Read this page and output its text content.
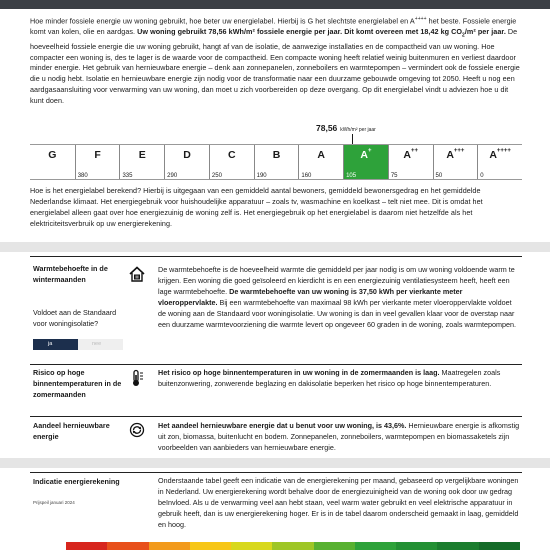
Hoe minder fossiele energie uw woning gebruikt, hoe beter uw energielabel. Hierbij is G het slechtste energielabel en A++++ het beste. Fossiele energie komt van kolen, olie en aardgas. Uw woning gebruikt 78,56 kWh/m² fossiele energie per jaar. Dit komt overeen met 18,42 kg $CO_2/m^2$ per jaar. De hoeveelheid fossiele energie die uw woning gebruikt, hangt af van de isolatie, de aanwezige installaties en de compactheid van uw woning. Hoe compacter een woning is, des te lager is de waarde voor de compactheid. Een compacte woning heeft relatief weinig buitenmuren en verliest daardoor minder energie. Het gebruik van hernieuwbare energie – denk aan zonnepanelen, zonneboilers en warmtepompen – vermindert ook de fossiele energie die u nodig hebt. Isolatie en hernieuwbare energie zijn nodig voor de transformatie naar een duurzame gebouwde omgeving tot 2050. Heeft u nog een aardgasaansluiting voor verwarming van uw woning, dan moet u zich voorbereiden op deze overgang. Op dit energielabel vindt u adviezen hoe u dit kunt doen.

78,56 kWh/m² per jaar
G	F
380
E
335
D
290
C
250
B
190
A
160
A+
105
A++
75
A+++
50
A++++
0

Hoe is het energielabel berekend? Hierbij is uitgegaan van een gemiddeld aantal bewoners, gemiddeld bewonersgedrag en het gemiddelde Nederlandse klimaat. Het energiegebruik voor huishoudelijke apparatuur – zoals tv, wasmachine en koelkast – telt niet mee. Dit is omdat het energielabel alleen gaat over hoe energiezuinig de woning zelf is. Het energiegebruik op het energielabel is daarom niet hetzelfde als het elektriciteitsverbruik op uw energierekening.

Warmtebehoefte in de wintermaanden

De warmtebehoefte is de hoeveelheid warmte die gemiddeld per jaar nodig is om uw woning voldoende warm te krijgen. Een woning die goed geïsoleerd en kierdicht is en een energiezuinig ventilatiesysteem heeft, heeft een lage warmtebehoefte. De warmtebehoefte van uw woning is 37,50 kWh per vierkante meter vloeroppervlakte. Bij een warmtebehoefte van maximaal 98 kWh per vierkante meter vloeroppervlakte voldoet de woning aan de Standaard voor woningisolatie. Uw woning is dan in veel gevallen klaar voor de overstap naar een duurzame warmtevoorziening die warmte levert op ongeveer 60 graden in de woning, zoals warmtepompen.

Voldoet aan de Standaard voor woningisolatie?
ja	nee
Risico op hoge binnentemperaturen in de zomermaanden

Het risico op hoge binnentemperaturen in uw woning in de zomermaanden is laag. Maatregelen zoals buitenzonwering, zonwerende beglazing en dakisolatie beperken het risico op hoge binnentemperaturen.

Aandeel hernieuwbare energie

Het aandeel hernieuwbare energie dat u benut voor uw woning, is 43,6%. Hernieuwbare energie is afkomstig uit zon, biomassa, buitenlucht en bodem. Zonnepanelen, zonneboilers, warmtepompen en biomassaketels zijn voorbeelden van aanbieders van hernieuwbare energie.

Indicatie energierekening
Prijspeil januari 2024

Onderstaande tabel geeft een indicatie van de energierekening per maand, gebaseerd op vergelijkbare woningen in Nederland. Uw energierekening wordt behalve door de energiezuinigheid van de woning ook door uw gedrag beïnvloed. Als u de verwarming veel aan hebt staan, veel warm water gebruikt en veel elektrische apparatuur in gebruik heeft, dan is uw energierekening hoger. Er is in de tabel daarom onderscheid gemaakt in laag, gemiddeld en hoog.
